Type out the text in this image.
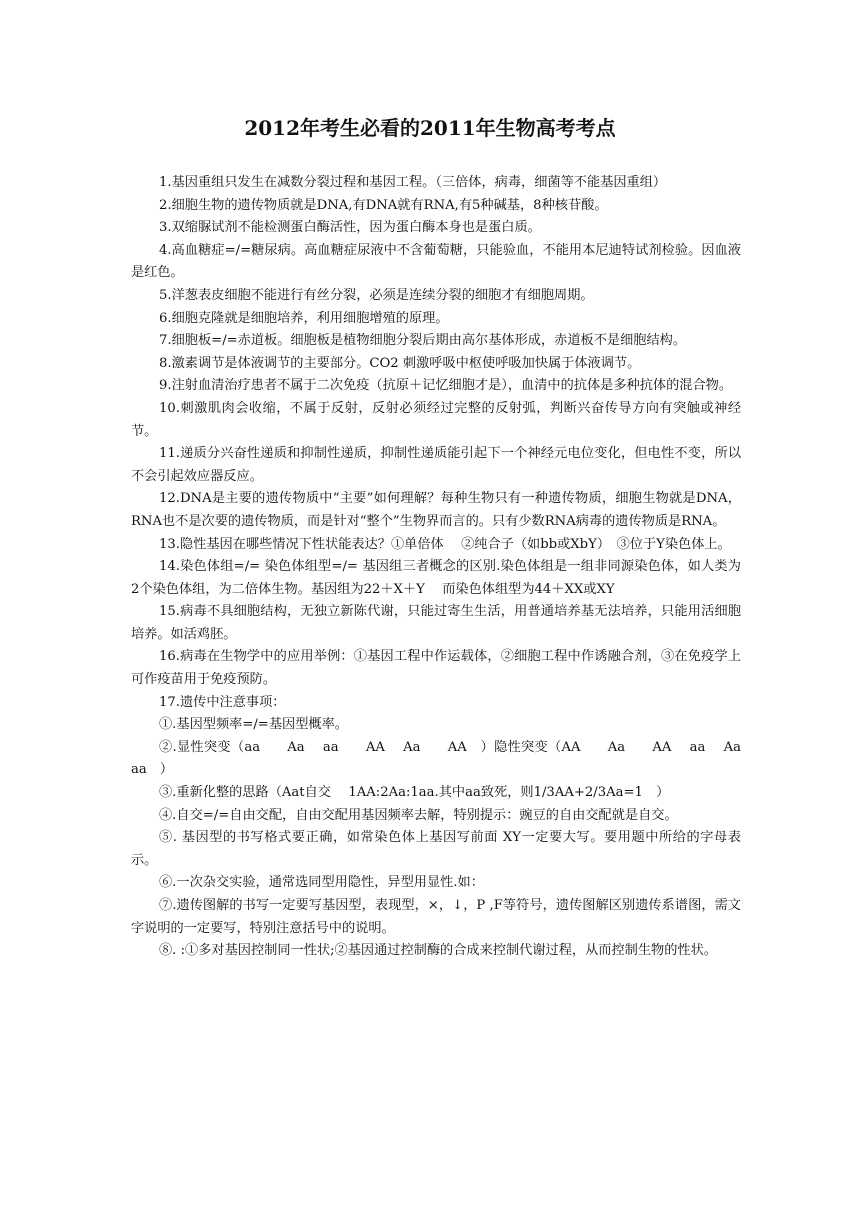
2012年考生必看的2011年生物高考考点

1.基因重组只发生在减数分裂过程和基因工程。（三倍体，病毒，细菌等不能基因重组）

2.细胞生物的遗传物质就是DNA,有DNA就有RNA,有5种碱基，8种核苷酸。

3.双缩脲试剂不能检测蛋白酶活性，因为蛋白酶本身也是蛋白质。

4.高血糖症=/=糖尿病。高血糖症尿液中不含葡萄糖，只能验血，不能用本尼迪特试剂检验。因血液是红色。

5.洋葱表皮细胞不能进行有丝分裂，必须是连续分裂的细胞才有细胞周期。

6.细胞克隆就是细胞培养，利用细胞增殖的原理。

7.细胞板=/=赤道板。细胞板是植物细胞分裂后期由高尔基体形成，赤道板不是细胞结构。

8.激素调节是体液调节的主要部分。CO2 刺激呼吸中枢使呼吸加快属于体液调节。

9.注射血清治疗患者不属于二次免疫（抗原＋记忆细胞才是），血清中的抗体是多种抗体的混合物。

10.刺激肌肉会收缩，不属于反射，反射必须经过完整的反射弧，判断兴奋传导方向有突触或神经节。

11.递质分兴奋性递质和抑制性递质，抑制性递质能引起下一个神经元电位变化，但电性不变，所以不会引起效应器反应。

12.DNA是主要的遗传物质中“主要”如何理解？每种生物只有一种遗传物质，细胞生物就是DNA，RNA也不是次要的遗传物质，而是针对“整个”生物界而言的。只有少数RNA病毒的遗传物质是RNA。

13.隐性基因在哪些情况下性状能表达？①单倍体　 ②纯合子（如bb或XbY）　③位于Y染色体上。

14.染色体组=/= 染色体组型=/= 基因组三者概念的区别.染色体组是一组非同源染色体，如人类为2个染色体组，为二倍体生物。基因组为22＋X＋Y　 而染色体组型为44＋XX或XY

15.病毒不具细胞结构，无独立新陈代谢，只能过寄生生活，用普通培养基无法培养，只能用活细胞培养。如活鸡胚。

16.病毒在生物学中的应用举例：①基因工程中作运载体，②细胞工程中作诱融合剂，③在免疫学上可作疫苗用于免疫预防。

17.遗传中注意事项：

①.基因型频率=/=基因型概率。

②.显性突变（aa　　Aa　 aa　　AA　 Aa　　AA　）隐性突变（AA　　Aa　　AA　 aa　 Aa　　　aa　）

③.重新化整的思路（Aat自交　 1AA:2Aa:1aa.其中aa致死，则1/3AA+2/3Aa=1　）

④.自交=/=自由交配，自由交配用基因频率去解，特别提示：豌豆的自由交配就是自交。

⑤. 基因型的书写格式要正确，如常染色体上基因写前面 XY一定要大写。要用题中所给的字母表示。

⑥.一次杂交实验，通常选同型用隐性，异型用显性.如：

⑦.遗传图解的书写一定要写基因型，表现型，×，↓，P ,F等符号，遗传图解区别遗传系谱图，需文字说明的一定要写，特别注意括号中的说明。

⑧. :①多对基因控制同一性状;②基因通过控制酶的合成来控制代谢过程，从而控制生物的性状。
